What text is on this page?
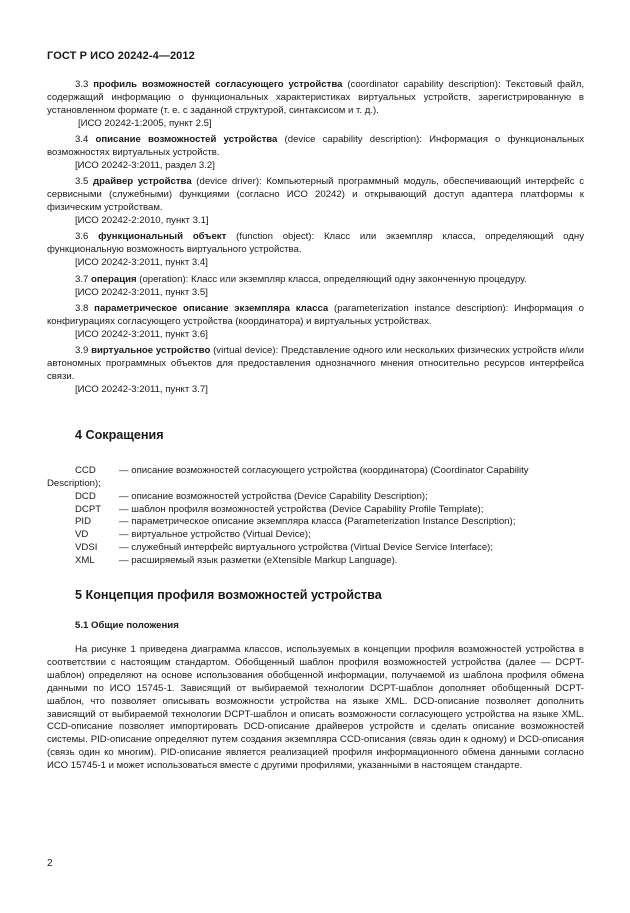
ГОСТ Р ИСО 20242-4—2012

3.3 профиль возможностей согласующего устройства (coordinator capability description): Текстовый файл, содержащий информацию о функциональных характеристиках виртуальных устройств, зарегистрированную в установленном формате (т. е. с заданной структурой, синтаксисом и т. д.).

[ИСО 20242-1:2005, пункт 2.5]

3.4 описание возможностей устройства (device capability description): Информация о функциональных возможностях виртуальных устройств.

[ИСО 20242-3:2011, раздел 3.2]

3.5 драйвер устройства (device driver): Компьютерный программный модуль, обеспечивающий интерфейс с сервисными (служебными) функциями (согласно ИСО 20242) и открывающий доступ адаптера платформы к физическим устройствам.

[ИСО 20242-2:2010, пункт 3.1]

3.6 функциональный объект (function object): Класс или экземпляр класса, определяющий одну функциональную возможность виртуального устройства.

[ИСО 20242-3:2011, пункт 3.4]

3.7 операция (operation): Класс или экземпляр класса, определяющий одну законченную процедуру.

[ИСО 20242-3:2011, пункт 3.5]

3.8 параметрическое описание экземпляра класса (parameterization instance description): Информация о конфигурациях согласующего устройства (координатора) и виртуальных устройствах.

[ИСО 20242-3:2011, пункт 3.6]

3.9 виртуальное устройство (virtual device): Представление одного или нескольких физических устройств и/или автономных программных объектов для предоставления однозначного мнения относительно ресурсов интерфейса связи.

[ИСО 20242-3:2011, пункт 3.7]

4 Сокращения
CCD	— описание возможностей согласующего устройства (координатора) (Coordinator Capability
Description);
DCD	— описание возможностей устройства (Device Capability Description);
DCPT	— шаблон профиля возможностей устройства (Device Capability Profile Template);
PID	— параметрическое описание экземпляра класса (Parameterization Instance Description);
VD	— виртуальное устройство (Virtual Device);
VDSI	— служебный интерфейс виртуального устройства (Virtual Device Service Interface);
XML	— расширяемый язык разметки (eXtensible Markup Language).
5 Концепция профиля возможностей устройства
5.1 Общие положения

На рисунке 1 приведена диаграмма классов, используемых в концепции профиля возможностей устройства в соответствии с настоящим стандартом. Обобщенный шаблон профиля возможностей устройства (далее — DCPT-шаблон) определяют на основе использования обобщенной информации, получаемой из шаблона профиля обмена данными по ИСО 15745-1. Зависящий от выбираемой технологии DCPT-шаблон дополняет обобщенный DCPT-шаблон, что позволяет описывать возможности устройства на языке XML. DCD-описание позволяет дополнить зависящий от выбираемой технологии DCPT-шаблон и описать возможности согласующего устройства на языке XML. CCD-описание позволяет импортировать DCD-описание драйверов устройств и сделать описание возможностей системы. PID-описание определяют путем создания экземпляра CCD-описания (связь один к одному) и DCD-описания (связь один ко многим). PID-описание является реализацией профиля информационного обмена данными согласно ИСО 15745-1 и может использоваться вместе с другими профилями, указанными в настоящем стандарте.

2
